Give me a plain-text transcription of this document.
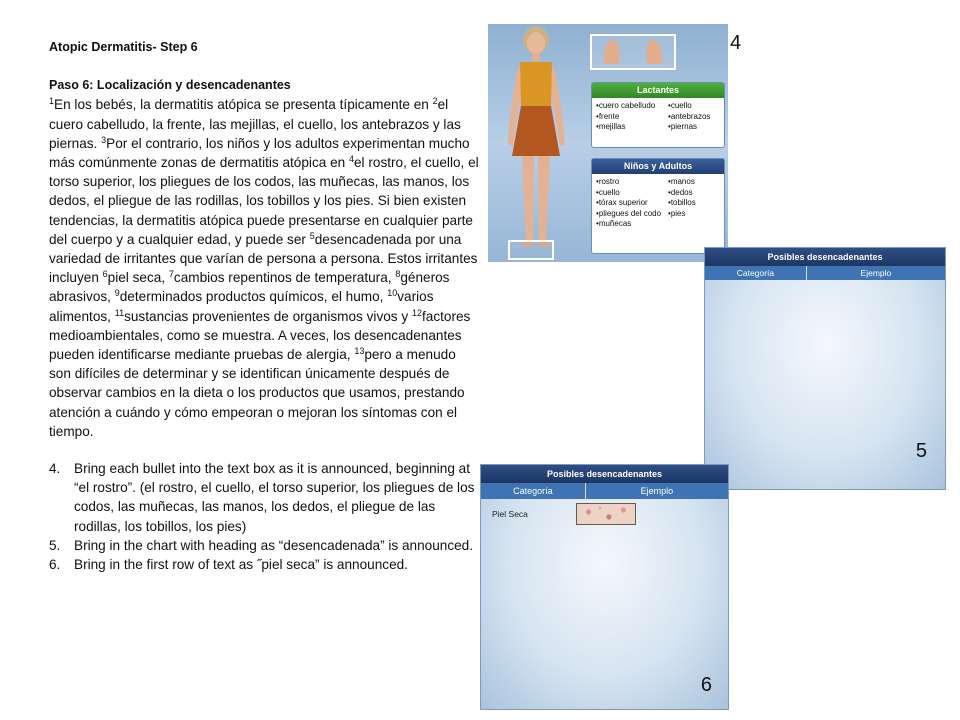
Atopic Dermatitis- Step 6

Paso 6: Localización y desencadenantes

$^1$En los bebés, la dermatitis atópica se presenta típicamente en $^2$el cuero cabelludo, la frente, las mejillas, el cuello, los antebrazos y las piernas. $^3$Por el contrario, los niños y los adultos experimentan mucho más comúnmente zonas de dermatitis atópica en $^4$el rostro, el cuello, el torso superior, los pliegues de los codos, las muñecas, las manos, los dedos, el pliegue de las rodillas, los tobillos y los pies. Si bien existen tendencias, la dermatitis atópica puede presentarse en cualquier parte del cuerpo y a cualquier edad, y puede ser $^5$desencadenada por una variedad de irritantes que varían de persona a persona. Estos irritantes incluyen $^6$piel seca, $^7$cambios repentinos de temperatura, $^8$géneros abrasivos, $^9$determinados productos químicos, el humo, $^{10}$varios alimentos, $^{11}$sustancias provenientes de organismos vivos y $^{12}$factores medioambientales, como se muestra. A veces, los desencadenantes pueden identificarse mediante pruebas de alergia, $^{13}$pero a menudo son difíciles de determinar y se identifican únicamente después de observar cambios en la dieta o los productos que usamos, prestando atención a cuándo y cómo empeoran o mejoran los síntomas con el tiempo.

4. Bring each bullet into the text box as it is announced, beginning at “el rostro”. (el rostro, el cuello, el torso superior, los pliegues de los codos, las muñecas, las manos, los dedos, el pliegue de las rodillas, los tobillos, los pies)
5. Bring in the chart with heading as “desencadenada” is announced.
6. Bring in the first row of text as ˝piel seca” is announced.
Lactantes
• cuero cabelludo
• frente
• mejillas
• cuello
• antebrazos
• piernas
Niños y Adultos
• rostro
• cuello
• tórax superior
• pliegues del codo
• muñecas
• manos
• dedos
• tobillos
• pies
4
Posibles desencadenantes
Categoría	Ejemplo
5
Posibles desencadenantes
Categoría	Ejemplo
Piel Seca
6
